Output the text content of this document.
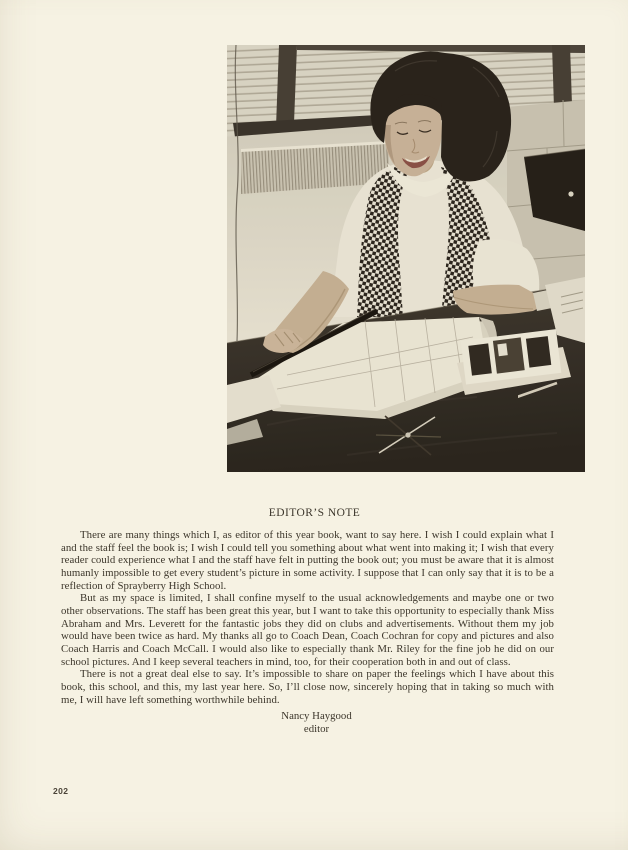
EDITOR’S NOTE

There are many things which I, as editor of this year book, want to say here. I wish I could explain what I and the staff feel the book is; I wish I could tell you something about what went into making it; I wish that every reader could experience what I and the staff have felt in putting the book out; you must be aware that it is almost humanly impossible to get every student’s picture in some activity. I suppose that I can only say that it is to be a reflection of Sprayberry High School.

But as my space is limited, I shall confine myself to the usual acknowledgements and maybe one or two other observations. The staff has been great this year, but I want to take this opportunity to especially thank Miss Abraham and Mrs. Leverett for the fantastic jobs they did on clubs and advertisements. Without them my job would have been twice as hard. My thanks all go to Coach Dean, Coach Cochran for copy and pictures and also Coach Harris and Coach McCall. I would also like to especially thank Mr. Riley for the fine job he did on our school pictures. And I keep several teachers in mind, too, for their cooperation both in and out of class.

There is not a great deal else to say. It’s impossible to share on paper the feelings which I have about this book, this school, and this, my last year here. So, I’ll close now, sincerely hoping that in taking so much with me, I will have left something worthwhile behind.

Nancy Haygood
editor
202
